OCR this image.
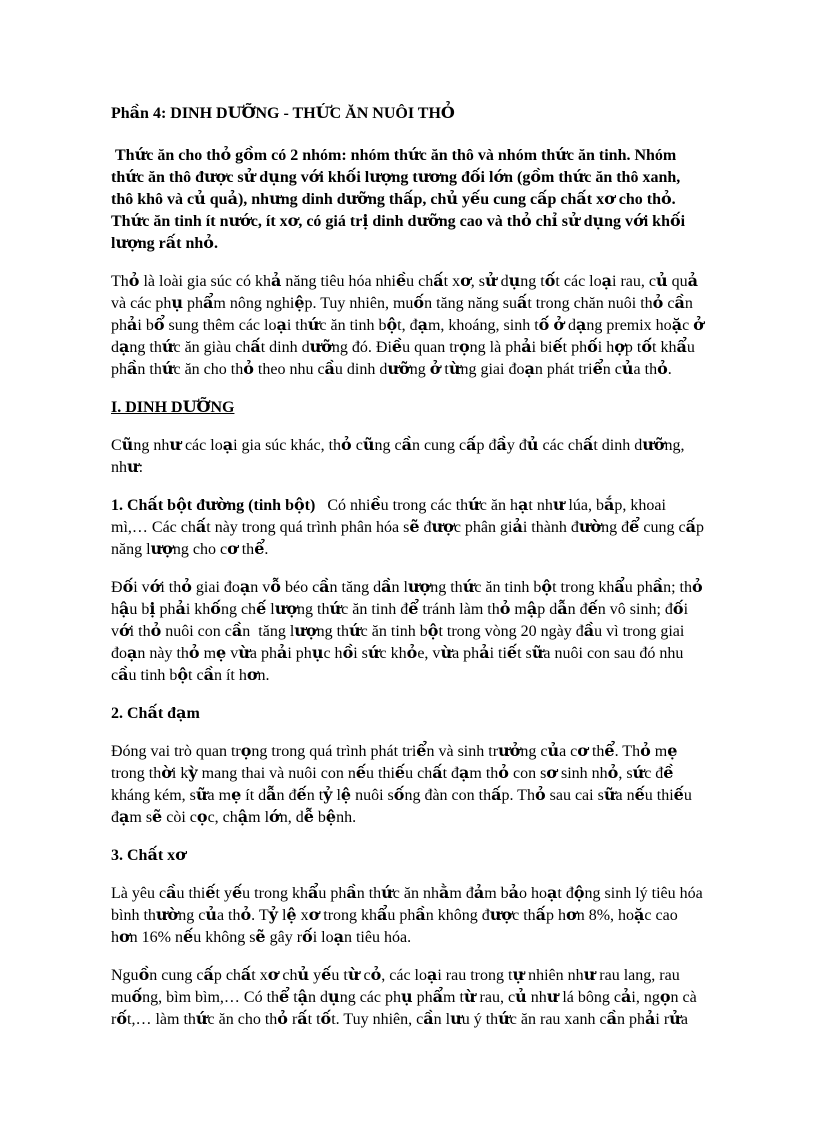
Phần 4: DINH DƯỠNG - THỨC ĂN NUÔI THỎ

Thức ăn cho thỏ gồm có 2 nhóm: nhóm thức ăn thô và nhóm thức ăn tinh. Nhóm thức ăn thô được sử dụng với khối lượng tương đối lớn (gồm thức ăn thô xanh, thô khô và củ quả), nhưng dinh dưỡng thấp, chủ yếu cung cấp chất xơ cho thỏ. Thức ăn tinh ít nước, ít xơ, có giá trị dinh dưỡng cao và thỏ chỉ sử dụng với khối lượng rất nhỏ.

Thỏ là loài gia súc có khả năng tiêu hóa nhiều chất xơ, sử dụng tốt các loại rau, củ quả và các phụ phẩm nông nghiệp. Tuy nhiên, muốn tăng năng suất trong chăn nuôi thỏ cần phải bổ sung thêm các loại thức ăn tinh bột, đạm, khoáng, sinh tố ở dạng premix hoặc ở dạng thức ăn giàu chất dinh dưỡng đó. Điều quan trọng là phải biết phối hợp tốt khẩu phần thức ăn cho thỏ theo nhu cầu dinh dưỡng ở từng giai đoạn phát triển của thỏ.

I. DINH DƯỠNG

Cũng như các loại gia súc khác, thỏ cũng cần cung cấp đầy đủ các chất dinh dưỡng, như:

1. Chất bột đường (tinh bột)   Có nhiều trong các thức ăn hạt như lúa, bắp, khoai mì,… Các chất này trong quá trình phân hóa sẽ được phân giải thành đường để cung cấp năng lượng cho cơ thể.

Đối với thỏ giai đoạn vỗ béo cần tăng dần lượng thức ăn tinh bột trong khẩu phần; thỏ hậu bị phải khống chế lượng thức ăn tinh để tránh làm thỏ mập dẫn đến vô sinh; đối với thỏ nuôi con cần  tăng lượng thức ăn tinh bột trong vòng 20 ngày đầu vì trong giai đoạn này thỏ mẹ vừa phải phục hồi sức khỏe, vừa phải tiết sữa nuôi con sau đó nhu cầu tinh bột cần ít hơn.

2. Chất đạm

Đóng vai trò quan trọng trong quá trình phát triển và sinh trưởng của cơ thể. Thỏ mẹ trong thời kỳ mang thai và nuôi con nếu thiếu chất đạm thỏ con sơ sinh nhỏ, sức đề kháng kém, sữa mẹ ít dẫn đến tỷ lệ nuôi sống đàn con thấp. Thỏ sau cai sữa nếu thiếu đạm sẽ còi cọc, chậm lớn, dễ bệnh.

3. Chất xơ

Là yêu cầu thiết yếu trong khẩu phần thức ăn nhằm đảm bảo hoạt động sinh lý tiêu hóa bình thường của thỏ. Tỷ lệ xơ trong khẩu phần không được thấp hơn 8%, hoặc cao hơn 16% nếu không sẽ gây rối loạn tiêu hóa.

Nguồn cung cấp chất xơ chủ yếu từ cỏ, các loại rau trong tự nhiên như rau lang, rau muống, bìm bìm,… Có thể tận dụng các phụ phẩm từ rau, củ như lá bông cải, ngọn cà rốt,… làm thức ăn cho thỏ rất tốt. Tuy nhiên, cần lưu ý thức ăn rau xanh cần phải rửa
